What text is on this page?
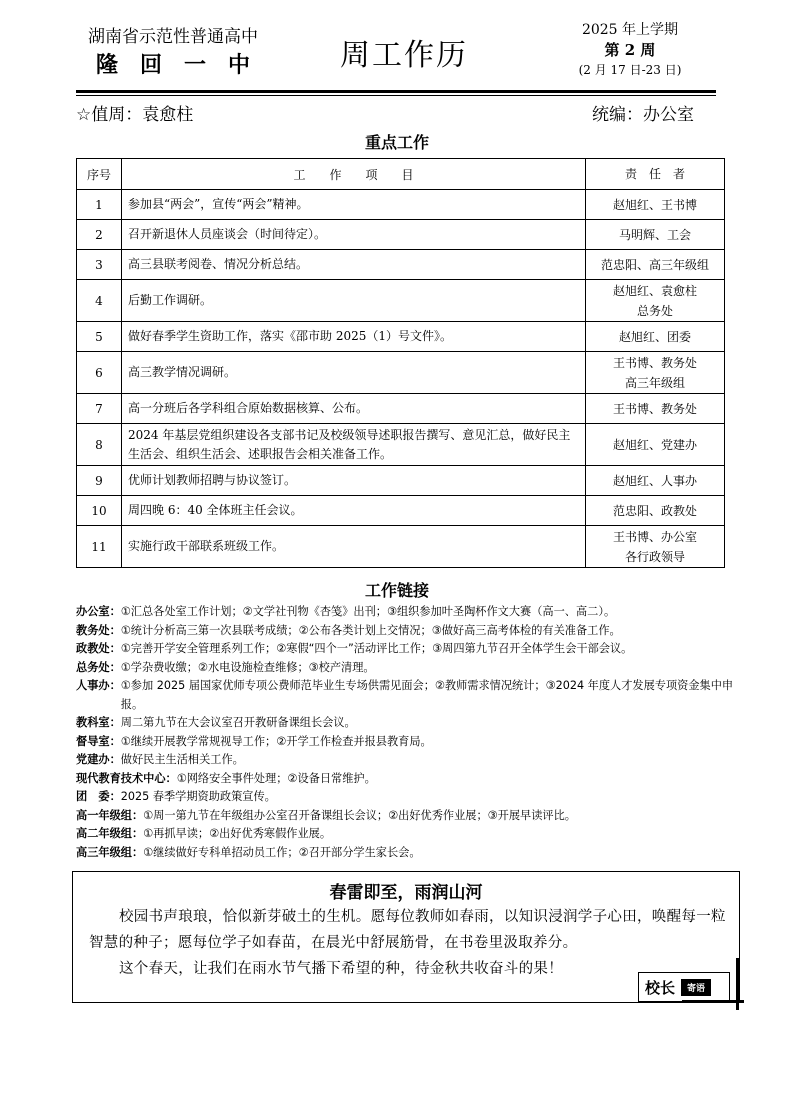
湖南省示范性普通高中
隆回一中 周工作历
2025 年上学期
第 2 周
(2 月 17 日-23 日)
☆值周：袁愈柱	统编：办公室
重点工作
序号	工　　作　　项　　目	责　任　者
1	参加县“两会”，宣传“两会”精神。	赵旭红、王书博

2	召开新退休人员座谈会（时间待定）。	马明辉、工会

3	高三县联考阅卷、情况分析总结。	范忠阳、高三年级组

4	后勤工作调研。	赵旭红、袁愈柱
总务处

5	做好春季学生资助工作，落实《邵市助 2025（1）号文件》。	赵旭红、团委

6	高三教学情况调研。	王书博、教务处
高三年级组

7	高一分班后各学科组合原始数据核算、公布。	王书博、教务处

8	2024 年基层党组织建设各支部书记及校级领导述职报告撰写、意见汇总，做好民主生活会、组织生活会、述职报告会相关准备工作。	赵旭红、党建办

9	优师计划教师招聘与协议签订。	赵旭红、人事办

10	周四晚 6：40 全体班主任会议。	范忠阳、政教处

11	实施行政干部联系班级工作。	王书博、办公室
各行政领导
工作链接
办公室： ①汇总各处室工作计划；②文学社刊物《杏笺》出刊；③组织参加叶圣陶杯作文大赛（高一、高二）。
教务处： ①统计分析高三第一次县联考成绩；②公布各类计划上交情况；③做好高三高考体检的有关准备工作。
政教处： ①完善开学安全管理系列工作；②寒假“四个一”活动评比工作；③周四第九节召开全体学生会干部会议。
总务处： ①学杂费收缴；②水电设施检查维修；③校产清理。
人事办： ①参加 2025 届国家优师专项公费师范毕业生专场供需见面会；②教师需求情况统计；③2024 年度人才发展专项资金集中申报。
教科室： 周二第九节在大会议室召开教研备课组长会议。
督导室： ①继续开展教学常规视导工作；②开学工作检查并报县教育局。
党建办： 做好民主生活相关工作。
现代教育技术中心： ①网络安全事件处理；②设备日常维护。
团　委： 2025 春季学期资助政策宣传。
高一年级组： ①周一第九节在年级组办公室召开备课组长会议；②出好优秀作业展；③开展早读评比。
高二年级组： ①再抓早读；②出好优秀寒假作业展。
高三年级组： ①继续做好专科单招动员工作；②召开部分学生家长会。
春雷即至，雨润山河
校园书声琅琅，恰似新芽破土的生机。愿每位教师如春雨，以知识浸润学子心田，唤醒每一粒智慧的种子；愿每位学子如春苗，在晨光中舒展筋骨，在书卷里汲取养分。
这个春天，让我们在雨水节气播下希望的种，待金秋共收奋斗的果！
校长	寄语
